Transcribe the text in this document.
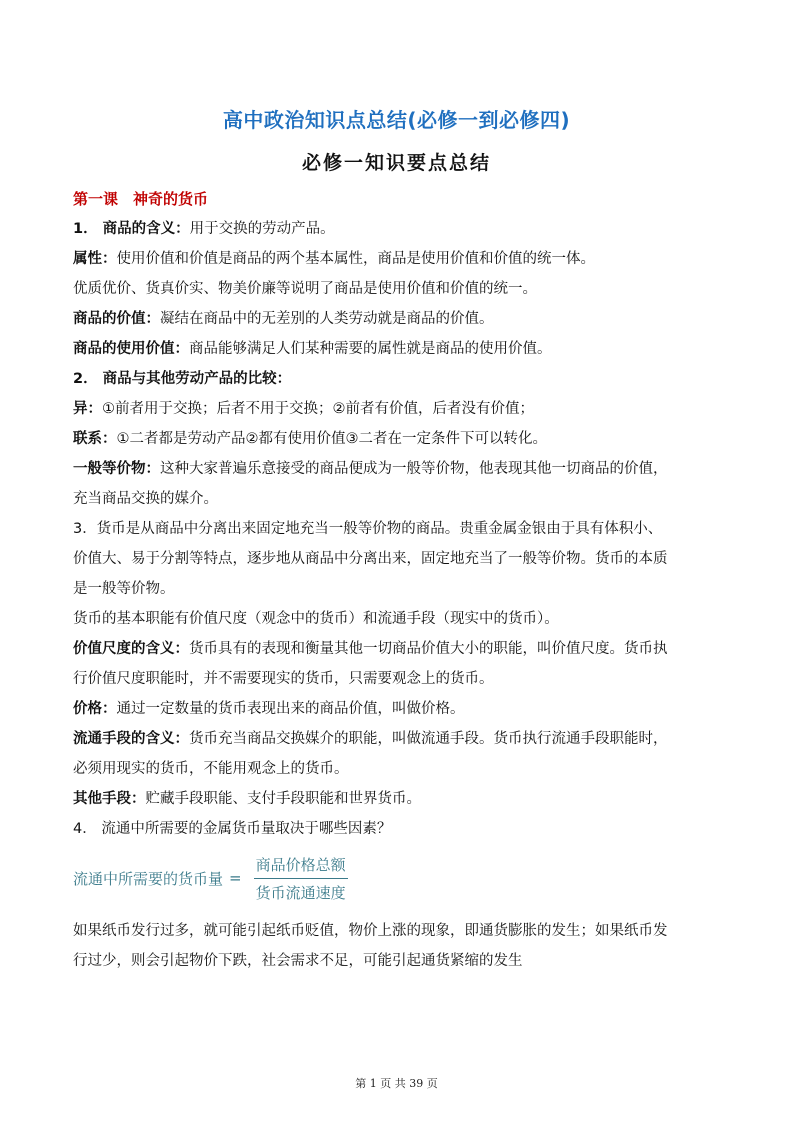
高中政治知识点总结(必修一到必修四)
必修一知识要点总结

第一课　神奇的货币

1． 商品的含义：用于交换的劳动产品。

属性：使用价值和价值是商品的两个基本属性，商品是使用价值和价值的统一体。

优质优价、货真价实、物美价廉等说明了商品是使用价值和价值的统一。

商品的价值：凝结在商品中的无差别的人类劳动就是商品的价值。

商品的使用价值：商品能够满足人们某种需要的属性就是商品的使用价值。

2． 商品与其他劳动产品的比较：

异：①前者用于交换；后者不用于交换；②前者有价值，后者没有价值；

联系：①二者都是劳动产品②都有使用价值③二者在一定条件下可以转化。

一般等价物：这种大家普遍乐意接受的商品便成为一般等价物，他表现其他一切商品的价值，

充当商品交换的媒介。

3．货币是从商品中分离出来固定地充当一般等价物的商品。贵重金属金银由于具有体积小、

价值大、易于分割等特点，逐步地从商品中分离出来，固定地充当了一般等价物。货币的本质

是一般等价物。

货币的基本职能有价值尺度（观念中的货币）和流通手段（现实中的货币）。

价值尺度的含义：货币具有的表现和衡量其他一切商品价值大小的职能，叫价值尺度。货币执

行价值尺度职能时，并不需要现实的货币，只需要观念上的货币。

价格：通过一定数量的货币表现出来的商品价值，叫做价格。

流通手段的含义：货币充当商品交换媒介的职能，叫做流通手段。货币执行流通手段职能时，

必须用现实的货币，不能用观念上的货币。

其他手段：贮藏手段职能、支付手段职能和世界货币。

4． 流通中所需要的金属货币量取决于哪些因素？

流通中所需要的货币量 = $\frac{\text{商品价格总额}}{\text{货币流通速度}}$

如果纸币发行过多，就可能引起纸币贬值，物价上涨的现象，即通货膨胀的发生；如果纸币发

行过少，则会引起物价下跌，社会需求不足，可能引起通货紧缩的发生

第 1 页 共 39 页
